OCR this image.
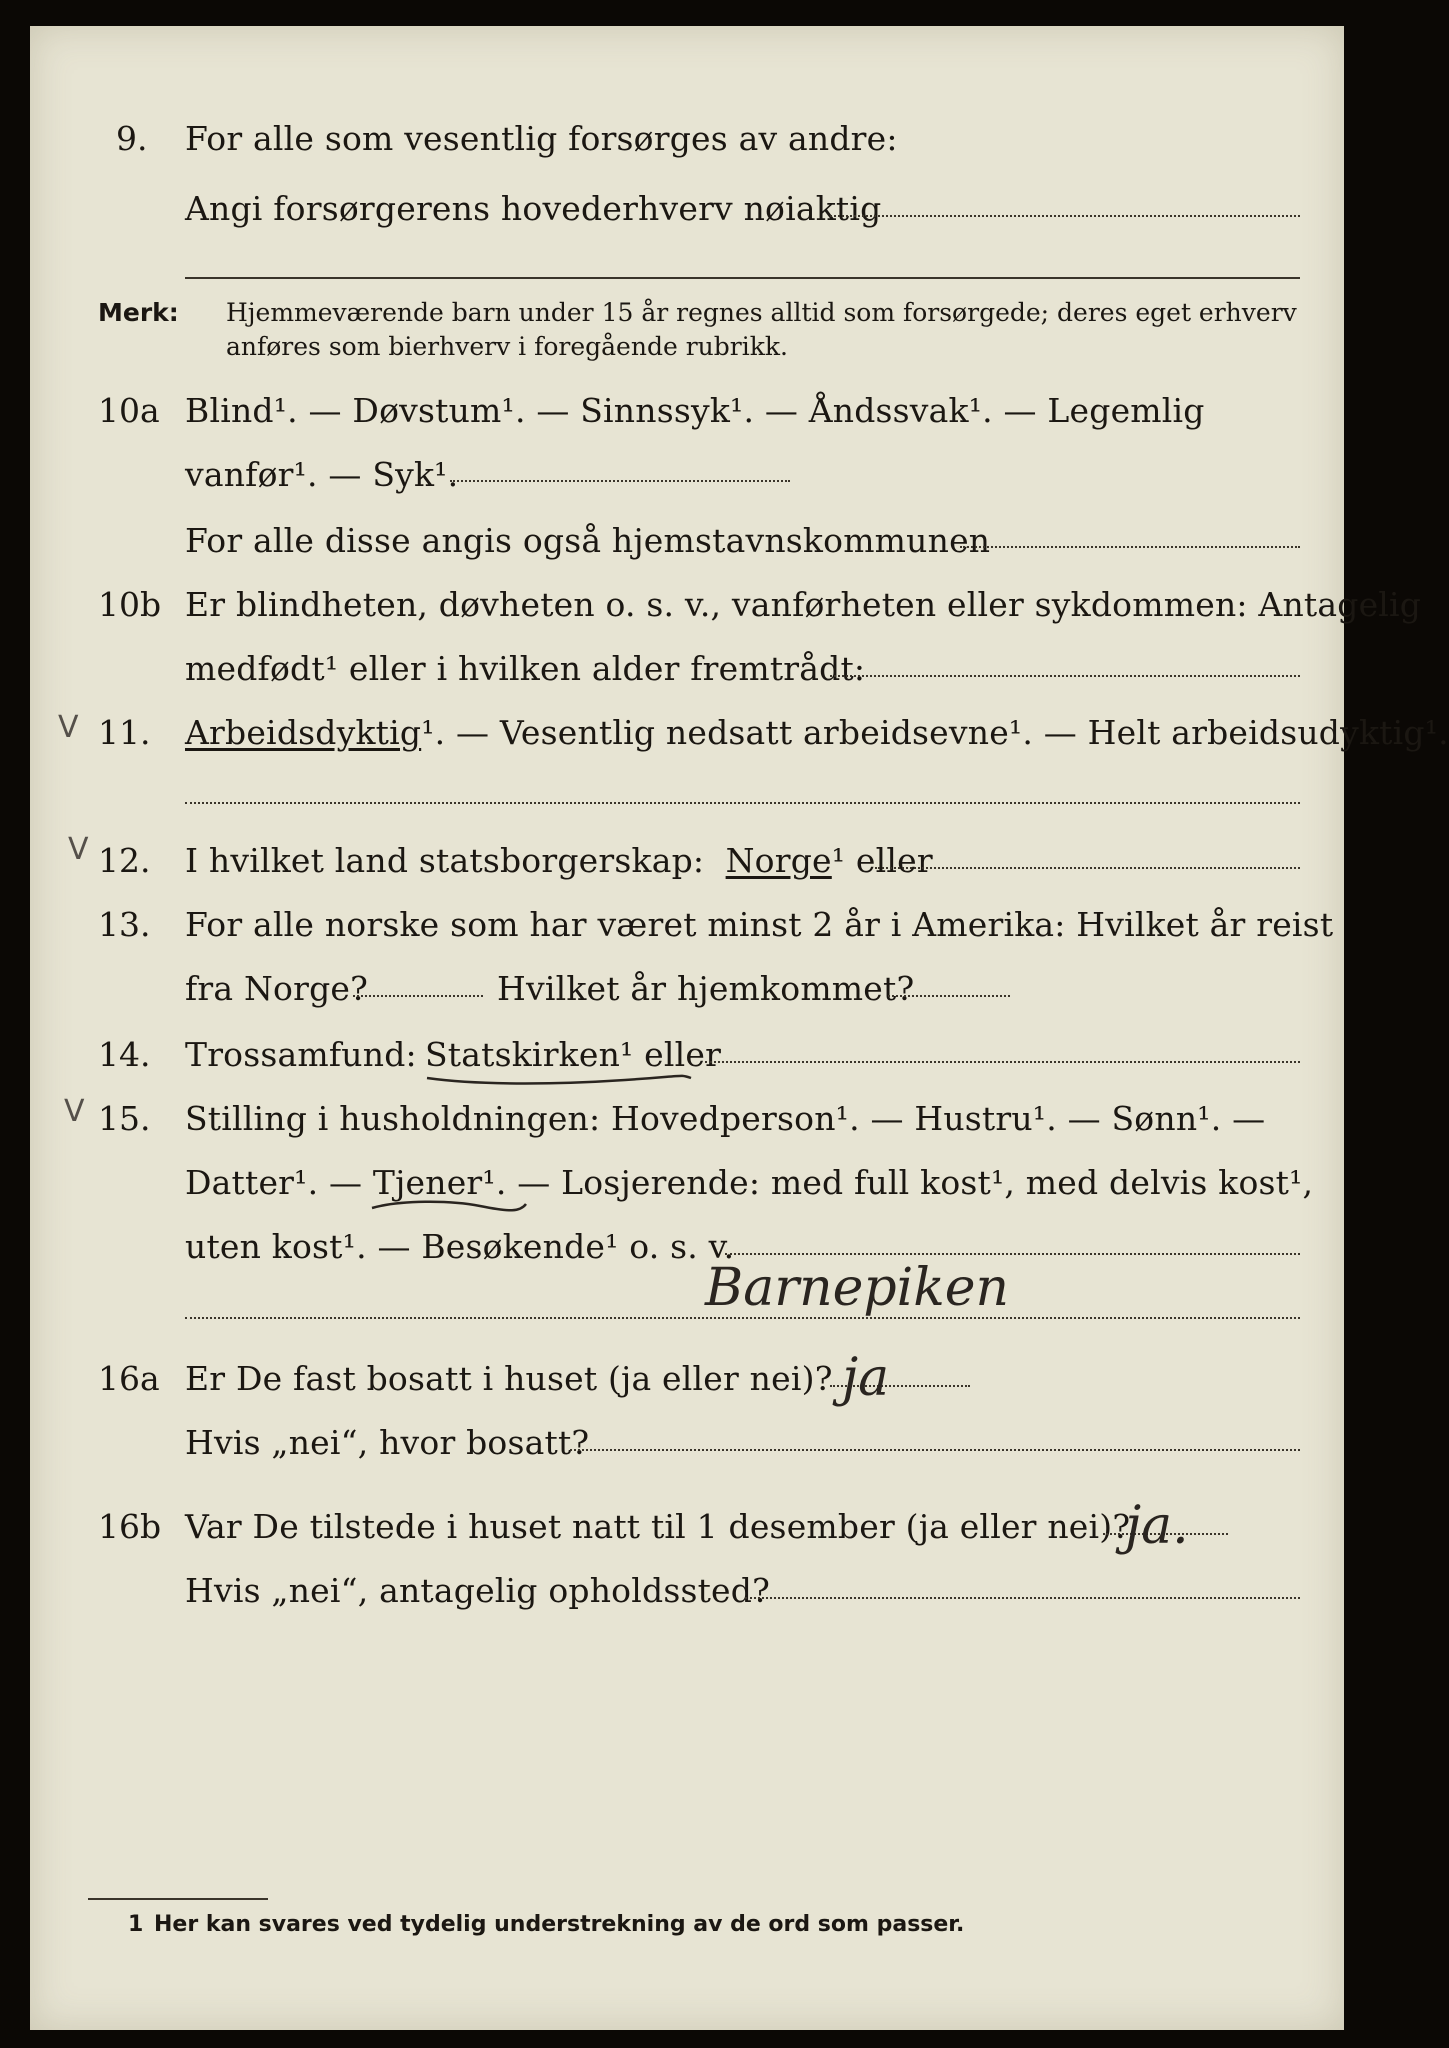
9. For alle som vesentlig forsørges av andre:
Angi forsørgerens hovederhverv nøiaktig
Merk: Hjemmeværende barn under 15 år regnes alltid som forsørgede; deres eget erhverv
anføres som bierhverv i foregående rubrikk.
10a Blind¹. — Døvstum¹. — Sinnssyk¹. — Åndssvak¹. — Legemlig
vanfør¹. — Syk¹.
For alle disse angis også hjemstavnskommunen
10b Er blindheten, døvheten o. s. v., vanførheten eller sykdommen: Antagelig
medfødt¹ eller i hvilken alder fremtrådt:
V 11. Arbeidsdyktig¹. — Vesentlig nedsatt arbeidsevne¹. — Helt arbeidsudyktig¹.
V 12. I hvilket land statsborgerskap: Norge¹ eller
13. For alle norske som har været minst 2 år i Amerika: Hvilket år reist
fra Norge?	Hvilket år hjemkommet?
14. Trossamfund: Statskirken¹ eller
V 15. Stilling i husholdningen: Hovedperson¹. — Hustru¹. — Sønn¹. —
Datter¹. — Tjener¹. — Losjerende: med full kost¹, med delvis kost¹,
uten kost¹. — Besøkende¹ o. s. v.
Barnepiken
16a Er De fast bosatt i huset (ja eller nei)? ja
Hvis „nei“, hvor bosatt?
16b Var De tilstede i huset natt til 1 desember (ja eller nei)?
ja.
Hvis „nei“, antagelig opholdssted?
1 Her kan svares ved tydelig understrekning av de ord som passer.
